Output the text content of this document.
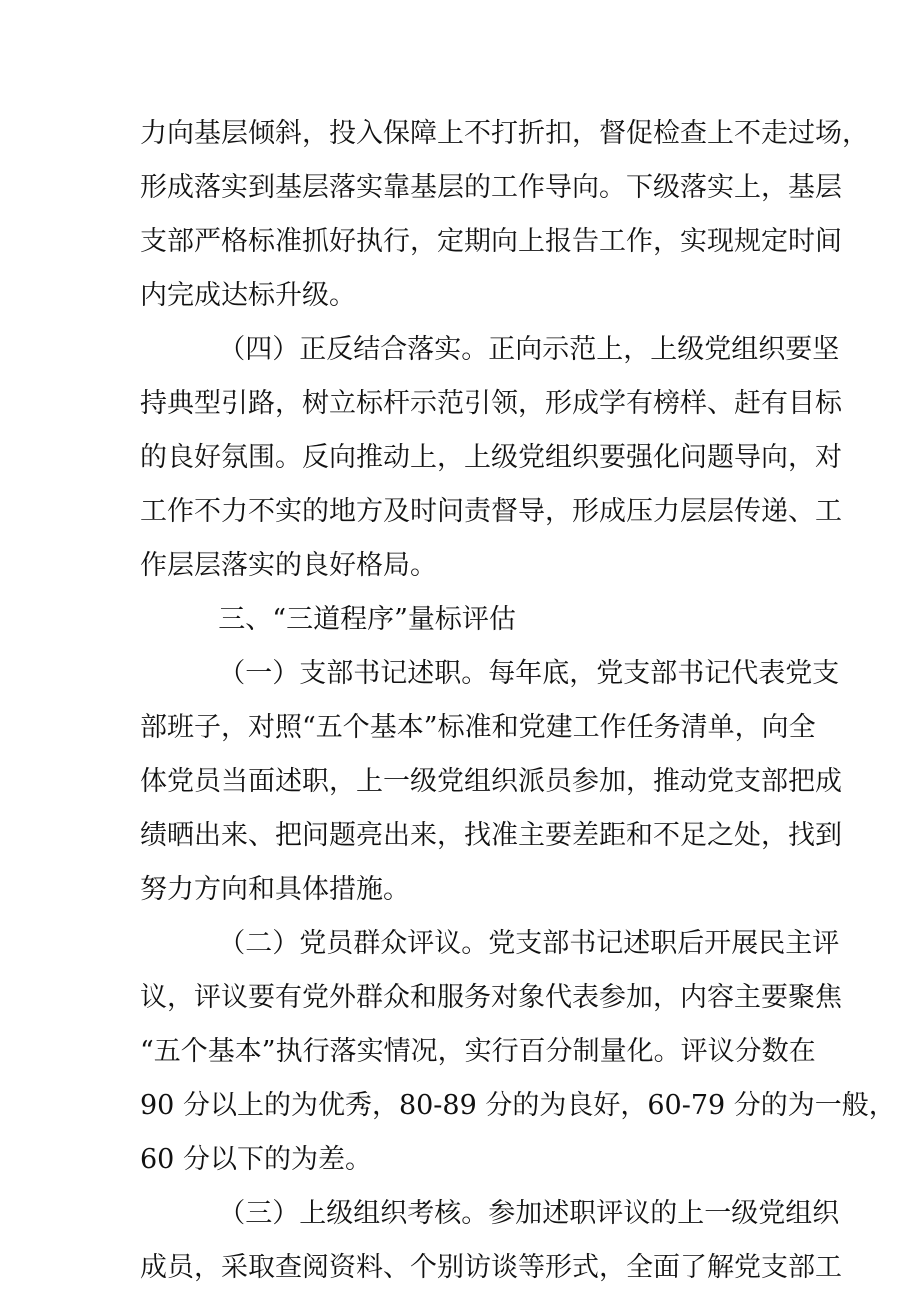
力向基层倾斜，投入保障上不打折扣，督促检查上不走过场，
形成落实到基层落实靠基层的工作导向。下级落实上，基层
支部严格标准抓好执行，定期向上报告工作，实现规定时间
内完成达标升级。
（四）正反结合落实。正向示范上，上级党组织要坚
持典型引路，树立标杆示范引领，形成学有榜样、赶有目标
的良好氛围。反向推动上，上级党组织要强化问题导向，对
工作不力不实的地方及时问责督导，形成压力层层传递、工
作层层落实的良好格局。
三、“三道程序”量标评估
（一）支部书记述职。每年底，党支部书记代表党支
部班子，对照“五个基本”标准和党建工作任务清单，向全
体党员当面述职，上一级党组织派员参加，推动党支部把成
绩晒出来、把问题亮出来，找准主要差距和不足之处，找到
努力方向和具体措施。
（二）党员群众评议。党支部书记述职后开展民主评
议，评议要有党外群众和服务对象代表参加，内容主要聚焦
“五个基本”执行落实情况，实行百分制量化。评议分数在
90 分以上的为优秀，80-89 分的为良好，60-79 分的为一般，
60 分以下的为差。
（三）上级组织考核。参加述职评议的上一级党组织
成员，采取查阅资料、个别访谈等形式，全面了解党支部工
